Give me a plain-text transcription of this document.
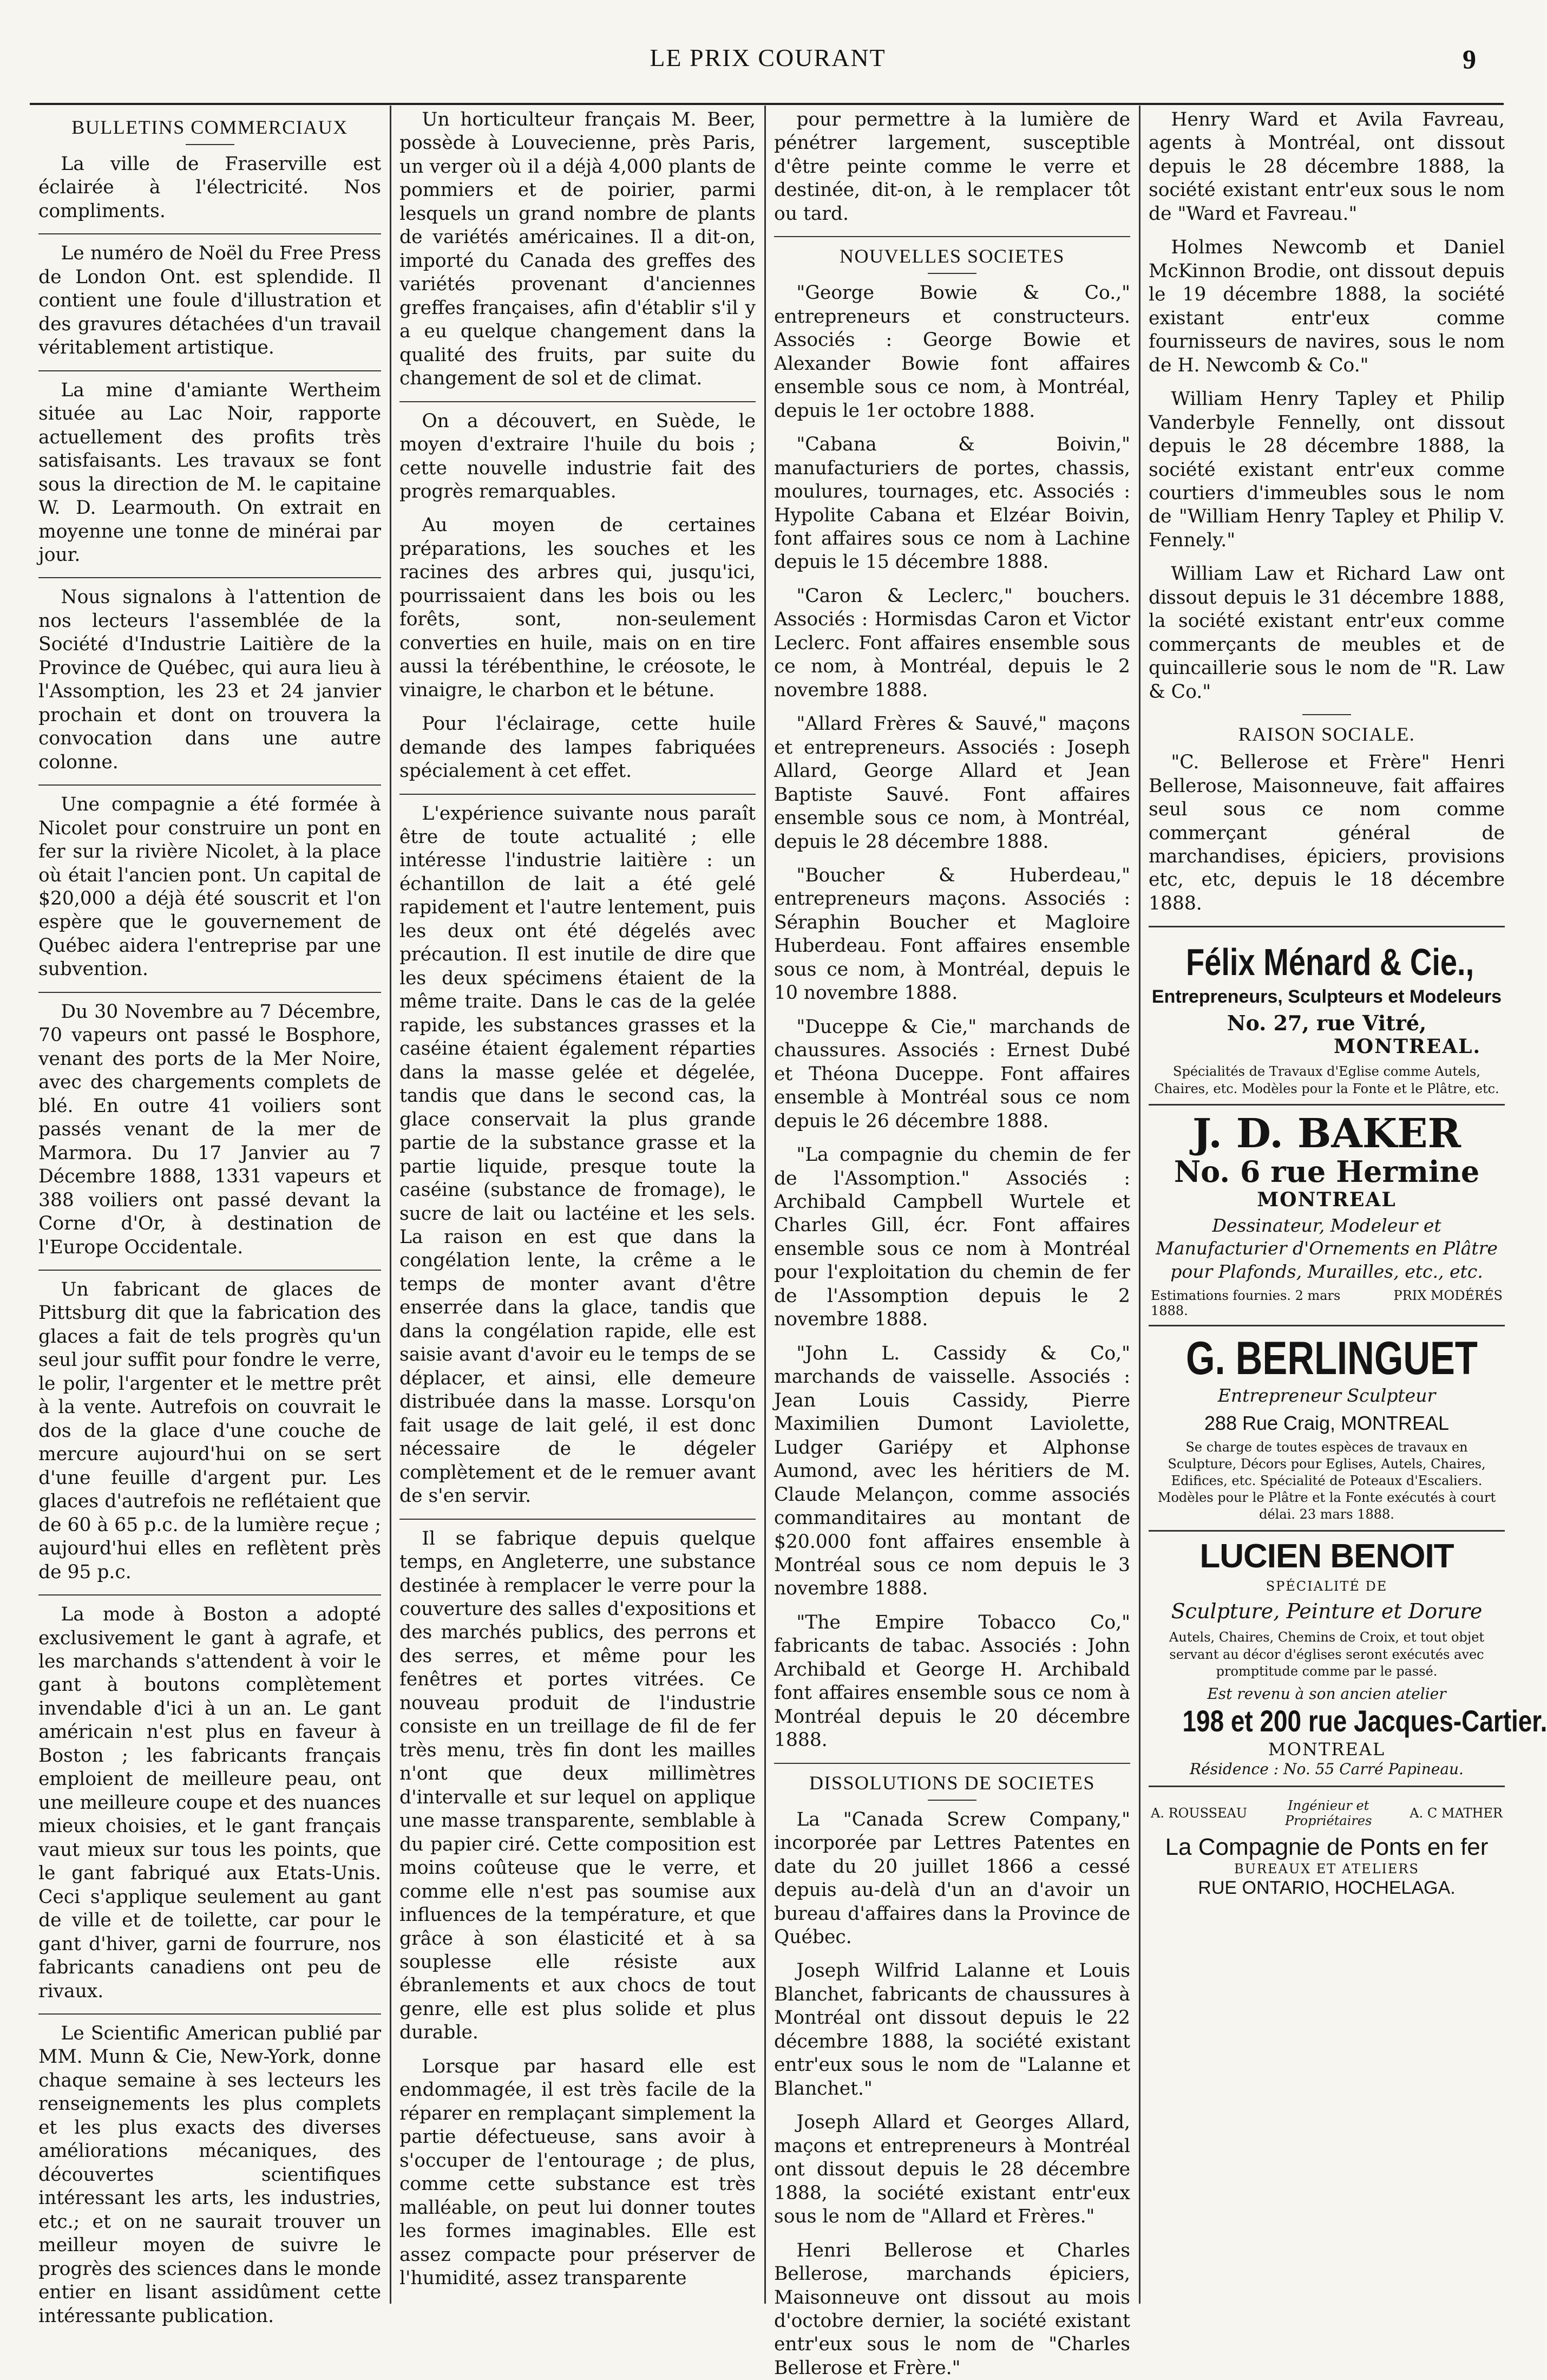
LE PRIX COURANT	9
BULLETINS COMMERCIAUX

La ville de Fraserville est éclairée à l'électricité. Nos compliments.

Le numéro de Noël du Free Press de London Ont. est splendide. Il contient une foule d'illustration et des gravures détachées d'un travail véritablement artistique.

La mine d'amiante Wertheim située au Lac Noir, rapporte actuellement des profits très satisfaisants. Les travaux se font sous la direction de M. le capitaine W. D. Learmouth. On extrait en moyenne une tonne de minérai par jour.

Nous signalons à l'attention de nos lecteurs l'assemblée de la Société d'Industrie Laitière de la Province de Québec, qui aura lieu à l'Assomption, les 23 et 24 janvier prochain et dont on trouvera la convocation dans une autre colonne.

Une compagnie a été formée à Nicolet pour construire un pont en fer sur la rivière Nicolet, à la place où était l'ancien pont. Un capital de $20,000 a déjà été souscrit et l'on espère que le gouvernement de Québec aidera l'entreprise par une subvention.

Du 30 Novembre au 7 Décembre, 70 vapeurs ont passé le Bosphore, venant des ports de la Mer Noire, avec des chargements complets de blé. En outre 41 voiliers sont passés venant de la mer de Marmora. Du 17 Janvier au 7 Décembre 1888, 1331 vapeurs et 388 voiliers ont passé devant la Corne d'Or, à destination de l'Europe Occidentale.

Un fabricant de glaces de Pittsburg dit que la fabrication des glaces a fait de tels progrès qu'un seul jour suffit pour fondre le verre, le polir, l'argenter et le mettre prêt à la vente. Autrefois on couvrait le dos de la glace d'une couche de mercure aujourd'hui on se sert d'une feuille d'argent pur. Les glaces d'autrefois ne reflétaient que de 60 à 65 p.c. de la lumière reçue ; aujourd'hui elles en reflètent près de 95 p.c.

La mode à Boston a adopté exclusivement le gant à agrafe, et les marchands s'attendent à voir le gant à boutons complètement invendable d'ici à un an. Le gant américain n'est plus en faveur à Boston ; les fabricants français emploient de meilleure peau, ont une meilleure coupe et des nuances mieux choisies, et le gant français vaut mieux sur tous les points, que le gant fabriqué aux Etats-Unis. Ceci s'applique seulement au gant de ville et de toilette, car pour le gant d'hiver, garni de fourrure, nos fabricants canadiens ont peu de rivaux.

Le Scientific American publié par MM. Munn & Cie, New-York, donne chaque semaine à ses lecteurs les renseignements les plus complets et les plus exacts des diverses améliorations mécaniques, des découvertes scientifiques intéressant les arts, les industries, etc.; et on ne saurait trouver un meilleur moyen de suivre le progrès des sciences dans le monde entier en lisant assidûment cette intéressante publication.

Un horticulteur français M. Beer, possède à Louvecienne, près Paris, un verger où il a déjà 4,000 plants de pommiers et de poirier, parmi lesquels un grand nombre de plants de variétés américaines. Il a dit-on, importé du Canada des greffes des variétés provenant d'anciennes greffes françaises, afin d'établir s'il y a eu quelque changement dans la qualité des fruits, par suite du changement de sol et de climat.

On a découvert, en Suède, le moyen d'extraire l'huile du bois ; cette nouvelle industrie fait des progrès remarquables.

Au moyen de certaines préparations, les souches et les racines des arbres qui, jusqu'ici, pourrissaient dans les bois ou les forêts, sont, non-seulement converties en huile, mais on en tire aussi la térébenthine, le créosote, le vinaigre, le charbon et le bétune.

Pour l'éclairage, cette huile demande des lampes fabriquées spécialement à cet effet.

L'expérience suivante nous paraît être de toute actualité ; elle intéresse l'industrie laitière : un échantillon de lait a été gelé rapidement et l'autre lentement, puis les deux ont été dégelés avec précaution. Il est inutile de dire que les deux spécimens étaient de la même traite. Dans le cas de la gelée rapide, les substances grasses et la caséine étaient également réparties dans la masse gelée et dégelée, tandis que dans le second cas, la glace conservait la plus grande partie de la substance grasse et la partie liquide, presque toute la caséine (substance de fromage), le sucre de lait ou lactéine et les sels. La raison en est que dans la congélation lente, la crême a le temps de monter avant d'être enserrée dans la glace, tandis que dans la congélation rapide, elle est saisie avant d'avoir eu le temps de se déplacer, et ainsi, elle demeure distribuée dans la masse. Lorsqu'on fait usage de lait gelé, il est donc nécessaire de le dégeler complètement et de le remuer avant de s'en servir.

Il se fabrique depuis quelque temps, en Angleterre, une substance destinée à remplacer le verre pour la couverture des salles d'expositions et des marchés publics, des perrons et des serres, et même pour les fenêtres et portes vitrées. Ce nouveau produit de l'industrie consiste en un treillage de fil de fer très menu, très fin dont les mailles n'ont que deux millimètres d'intervalle et sur lequel on applique une masse transparente, semblable à du papier ciré. Cette composition est moins coûteuse que le verre, et comme elle n'est pas soumise aux influences de la température, et que grâce à son élasticité et à sa souplesse elle résiste aux ébranlements et aux chocs de tout genre, elle est plus solide et plus durable.

Lorsque par hasard elle est endommagée, il est très facile de la réparer en remplaçant simplement la partie défectueuse, sans avoir à s'occuper de l'entourage ; de plus, comme cette substance est très malléable, on peut lui donner toutes les formes imaginables. Elle est assez compacte pour préserver de l'humidité, assez transparente

pour permettre à la lumière de pénétrer largement, susceptible d'être peinte comme le verre et destinée, dit-on, à le remplacer tôt ou tard.

NOUVELLES SOCIETES

"George Bowie & Co.," entrepreneurs et constructeurs. Associés : George Bowie et Alexander Bowie font affaires ensemble sous ce nom, à Montréal, depuis le 1er octobre 1888.

"Cabana & Boivin," manufacturiers de portes, chassis, moulures, tournages, etc. Associés : Hypolite Cabana et Elzéar Boivin, font affaires sous ce nom à Lachine depuis le 15 décembre 1888.

"Caron & Leclerc," bouchers. Associés : Hormisdas Caron et Victor Leclerc. Font affaires ensemble sous ce nom, à Montréal, depuis le 2 novembre 1888.

"Allard Frères & Sauvé," maçons et entrepreneurs. Associés : Joseph Allard, George Allard et Jean Baptiste Sauvé. Font affaires ensemble sous ce nom, à Montréal, depuis le 28 décembre 1888.

"Boucher & Huberdeau," entrepreneurs maçons. Associés : Séraphin Boucher et Magloire Huberdeau. Font affaires ensemble sous ce nom, à Montréal, depuis le 10 novembre 1888.

"Duceppe & Cie," marchands de chaussures. Associés : Ernest Dubé et Théona Duceppe. Font affaires ensemble à Montréal sous ce nom depuis le 26 décembre 1888.

"La compagnie du chemin de fer de l'Assomption." Associés : Archibald Campbell Wurtele et Charles Gill, écr. Font affaires ensemble sous ce nom à Montréal pour l'exploitation du chemin de fer de l'Assomption depuis le 2 novembre 1888.

"John L. Cassidy & Co," marchands de vaisselle. Associés : Jean Louis Cassidy, Pierre Maximilien Dumont Laviolette, Ludger Gariépy et Alphonse Aumond, avec les héritiers de M. Claude Melançon, comme associés commanditaires au montant de $20.000 font affaires ensemble à Montréal sous ce nom depuis le 3 novembre 1888.

"The Empire Tobacco Co," fabricants de tabac. Associés : John Archibald et George H. Archibald font affaires ensemble sous ce nom à Montréal depuis le 20 décembre 1888.

DISSOLUTIONS DE SOCIETES

La "Canada Screw Company," incorporée par Lettres Patentes en date du 20 juillet 1866 a cessé depuis au-delà d'un an d'avoir un bureau d'affaires dans la Province de Québec.

Joseph Wilfrid Lalanne et Louis Blanchet, fabricants de chaussures à Montréal ont dissout depuis le 22 décembre 1888, la société existant entr'eux sous le nom de "Lalanne et Blanchet."

Joseph Allard et Georges Allard, maçons et entrepreneurs à Montréal ont dissout depuis le 28 décembre 1888, la société existant entr'eux sous le nom de "Allard et Frères."

Henri Bellerose et Charles Bellerose, marchands épiciers, Maisonneuve ont dissout au mois d'octobre dernier, la société existant entr'eux sous le nom de "Charles Bellerose et Frère."

Henry Ward et Avila Favreau, agents à Montréal, ont dissout depuis le 28 décembre 1888, la société existant entr'eux sous le nom de "Ward et Favreau."

Holmes Newcomb et Daniel McKinnon Brodie, ont dissout depuis le 19 décembre 1888, la société existant entr'eux comme fournisseurs de navires, sous le nom de H. Newcomb & Co."

William Henry Tapley et Philip Vanderbyle Fennelly, ont dissout depuis le 28 décembre 1888, la société existant entr'eux comme courtiers d'immeubles sous le nom de "William Henry Tapley et Philip V. Fennely."

William Law et Richard Law ont dissout depuis le 31 décembre 1888, la société existant entr'eux comme commerçants de meubles et de quincaillerie sous le nom de "R. Law & Co."

RAISON SOCIALE.

"C. Bellerose et Frère" Henri Bellerose, Maisonneuve, fait affaires seul sous ce nom comme commerçant général de marchandises, épiciers, provisions etc, etc, depuis le 18 décembre 1888.

Félix Ménard & Cie.,
Entrepreneurs, Sculpteurs et Modeleurs
No. 27, rue Vitré,
MONTREAL.
Spécialités de Travaux d'Eglise comme Autels, Chaires, etc. Modèles pour la Fonte et le Plâtre, etc.
J. D. BAKER
No. 6 rue Hermine
MONTREAL
Dessinateur, Modeleur et Manufacturier d'Ornements en Plâtre pour Plafonds, Murailles, etc., etc.
Estimations fournies. 2 mars 1888.
PRIX MODÉRÉS
G. BERLINGUET
Entrepreneur Sculpteur
288 Rue Craig, MONTREAL
Se charge de toutes espèces de travaux en Sculpture, Décors pour Eglises, Autels, Chaires, Edifices, etc. Spécialité de Poteaux d'Escaliers. Modèles pour le Plâtre et la Fonte exécutés à court délai. 23 mars 1888.
LUCIEN BENOIT
SPÉCIALITÉ DE
Sculpture, Peinture et Dorure
Autels, Chaires, Chemins de Croix, et tout objet servant au décor d'églises seront exécutés avec promptitude comme par le passé.
Est revenu à son ancien atelier
198 et 200 rue Jacques-Cartier.
MONTREAL
Résidence : No. 55 Carré Papineau.
A. ROUSSEAU	Ingénieur et Propriétaires	A. C MATHER
La Compagnie de Ponts en fer
BUREAUX ET ATELIERS
RUE ONTARIO, HOCHELAGA.
